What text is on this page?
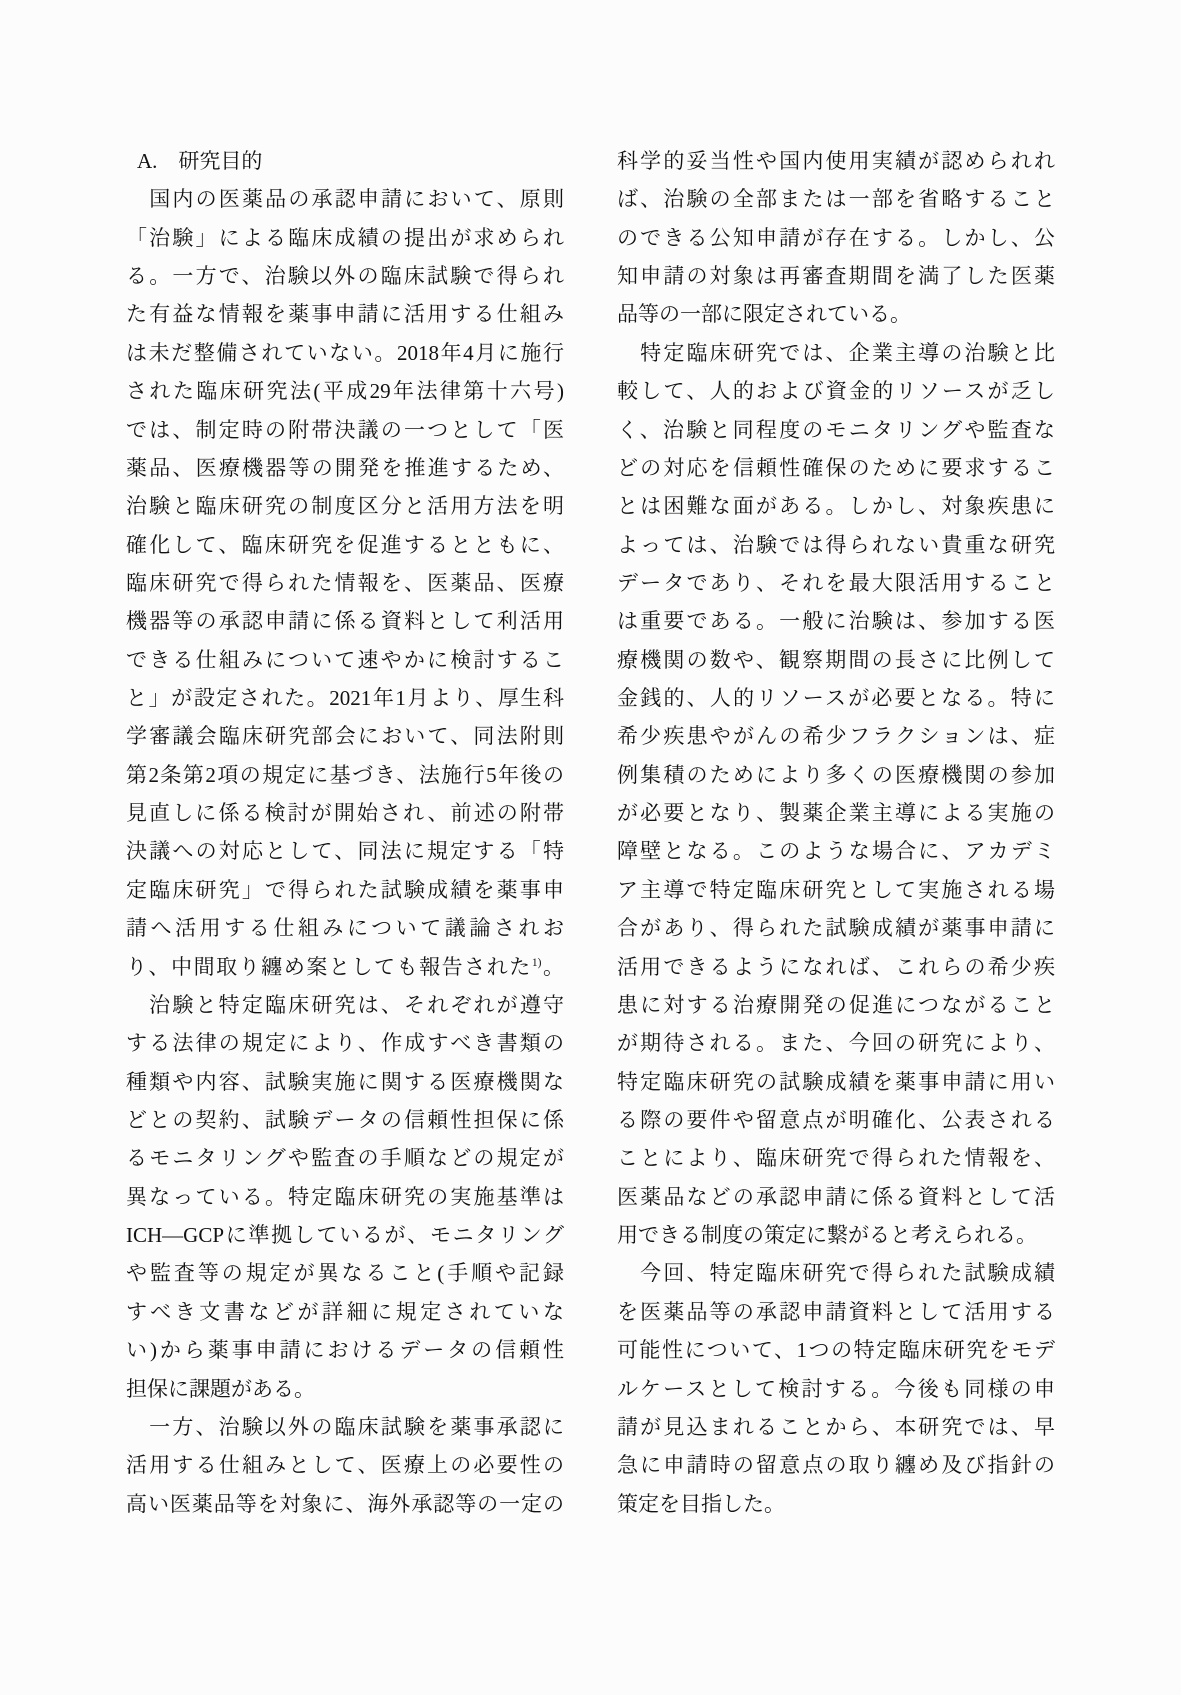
A.　研究目的
　国内の医薬品の承認申請において、原則
「治験」による臨床成績の提出が求められ
る。一方で、治験以外の臨床試験で得られ
た有益な情報を薬事申請に活用する仕組み
は未だ整備されていない。2018年4月に施行
された臨床研究法(平成29年法律第十六号)
では、制定時の附帯決議の一つとして「医
薬品、医療機器等の開発を推進するため、
治験と臨床研究の制度区分と活用方法を明
確化して、臨床研究を促進するとともに、
臨床研究で得られた情報を、医薬品、医療
機器等の承認申請に係る資料として利活用
できる仕組みについて速やかに検討するこ
と」が設定された。2021年1月より、厚生科
学審議会臨床研究部会において、同法附則
第2条第2項の規定に基づき、法施行5年後の
見直しに係る検討が開始され、前述の附帯
決議への対応として、同法に規定する「特
定臨床研究」で得られた試験成績を薬事申
請へ活用する仕組みについて議論されお
り、中間取り纏め案としても報告された$^{1)}$。
　治験と特定臨床研究は、それぞれが遵守
する法律の規定により、作成すべき書類の
種類や内容、試験実施に関する医療機関な
どとの契約、試験データの信頼性担保に係
るモニタリングや監査の手順などの規定が
異なっている。特定臨床研究の実施基準は
ICH―GCPに準拠しているが、モニタリング
や監査等の規定が異なること(手順や記録
すべき文書などが詳細に規定されていな
い)から薬事申請におけるデータの信頼性
担保に課題がある。
　一方、治験以外の臨床試験を薬事承認に
活用する仕組みとして、医療上の必要性の
高い医薬品等を対象に、海外承認等の一定の
科学的妥当性や国内使用実績が認められれ
ば、治験の全部または一部を省略すること
のできる公知申請が存在する。しかし、公
知申請の対象は再審査期間を満了した医薬
品等の一部に限定されている。
　特定臨床研究では、企業主導の治験と比
較して、人的および資金的リソースが乏し
く、治験と同程度のモニタリングや監査な
どの対応を信頼性確保のために要求するこ
とは困難な面がある。しかし、対象疾患に
よっては、治験では得られない貴重な研究
データであり、それを最大限活用すること
は重要である。一般に治験は、参加する医
療機関の数や、観察期間の長さに比例して
金銭的、人的リソースが必要となる。特に
希少疾患やがんの希少フラクションは、症
例集積のためにより多くの医療機関の参加
が必要となり、製薬企業主導による実施の
障壁となる。このような場合に、アカデミ
ア主導で特定臨床研究として実施される場
合があり、得られた試験成績が薬事申請に
活用できるようになれば、これらの希少疾
患に対する治療開発の促進につながること
が期待される。また、今回の研究により、
特定臨床研究の試験成績を薬事申請に用い
る際の要件や留意点が明確化、公表される
ことにより、臨床研究で得られた情報を、
医薬品などの承認申請に係る資料として活
用できる制度の策定に繋がると考えられる。
　今回、特定臨床研究で得られた試験成績
を医薬品等の承認申請資料として活用する
可能性について、1つの特定臨床研究をモデ
ルケースとして検討する。今後も同様の申
請が見込まれることから、本研究では、早
急に申請時の留意点の取り纏め及び指針の
策定を目指した。
